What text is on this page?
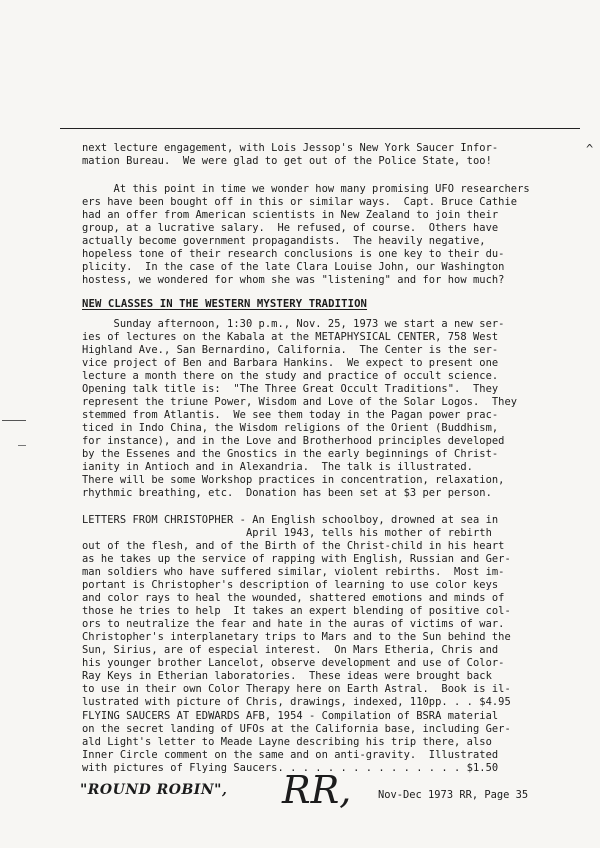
^
next lecture engagement, with Lois Jessop's New York Saucer Infor-
mation Bureau.  We were glad to get out of the Police State, too!
At this point in time we wonder how many promising UFO researchers
ers have been bought off in this or similar ways.  Capt. Bruce Cathie
had an offer from American scientists in New Zealand to join their
group, at a lucrative salary.  He refused, of course.  Others have
actually become government propagandists.  The heavily negative,
hopeless tone of their research conclusions is one key to their du-
plicity.  In the case of the late Clara Louise John, our Washington
hostess, we wondered for whom she was "listening" and for how much?
NEW CLASSES IN THE WESTERN MYSTERY TRADITION
Sunday afternoon, 1:30 p.m., Nov. 25, 1973 we start a new ser-
ies of lectures on the Kabala at the METAPHYSICAL CENTER, 758 West
Highland Ave., San Bernardino, California.  The Center is the ser-
vice project of Ben and Barbara Hankins.  We expect to present one
lecture a month there on the study and practice of occult science.
Opening talk title is:  "The Three Great Occult Traditions".  They
represent the triune Power, Wisdom and Love of the Solar Logos.  They
stemmed from Atlantis.  We see them today in the Pagan power prac-
ticed in Indo China, the Wisdom religions of the Orient (Buddhism,
for instance), and in the Love and Brotherhood principles developed
by the Essenes and the Gnostics in the early beginnings of Christ-
ianity in Antioch and in Alexandria.  The talk is illustrated.
There will be some Workshop practices in concentration, relaxation,
rhythmic breathing, etc.  Donation has been set at $3 per person.
LETTERS FROM CHRISTOPHER - An English schoolboy, drowned at sea in
April 1943, tells his mother of rebirth
out of the flesh, and of the Birth of the Christ-child in his heart
as he takes up the service of rapping with English, Russian and Ger-
man soldiers who have suffered similar, violent rebirths.  Most im-
portant is Christopher's description of learning to use color keys
and color rays to heal the wounded, shattered emotions and minds of
those he tries to help  It takes an expert blending of positive col-
ors to neutralize the fear and hate in the auras of victims of war.
Christopher's interplanetary trips to Mars and to the Sun behind the
Sun, Sirius, are of especial interest.  On Mars Etheria, Chris and
his younger brother Lancelot, observe development and use of Color-
Ray Keys in Etherian laboratories.  These ideas were brought back
to use in their own Color Therapy here on Earth Astral.  Book is il-
lustrated with picture of Chris, drawings, indexed, 110pp. . . $4.95
FLYING SAUCERS AT EDWARDS AFB, 1954 - Compilation of BSRA material
on the secret landing of UFOs at the California base, including Ger-
ald Light's letter to Meade Layne describing his trip there, also
Inner Circle comment on the same and on anti-gravity.  Illustrated
with pictures of Flying Saucers. . . . . . . . . . . . . . . $1.50
"ROUND ROBIN", RR,	Nov-Dec 1973 RR, Page 35
